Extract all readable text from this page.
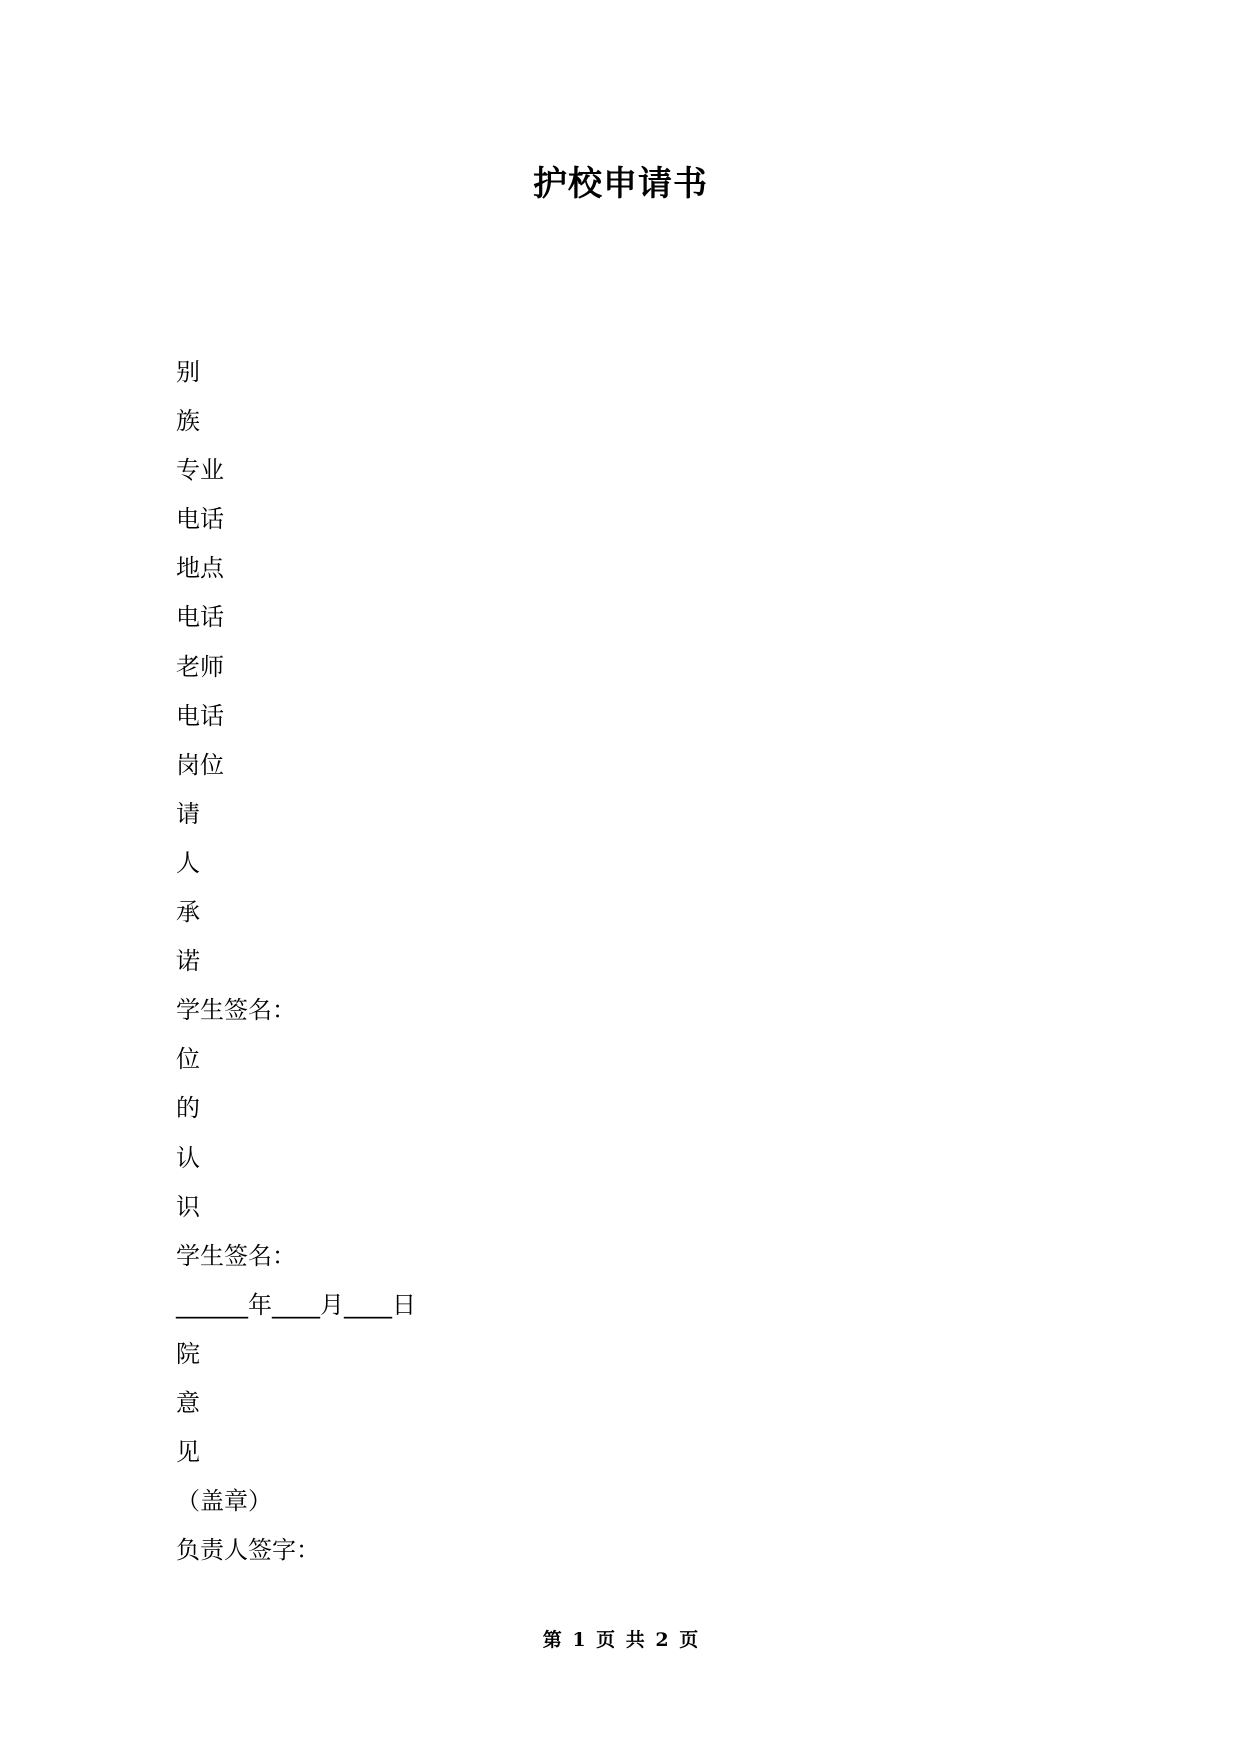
护校申请书
别
族
专业
电话
地点
电话
老师
电话
岗位
请
人
承
诺
学生签名：
位
的
认
识
学生签名：
______年____月____日
院
意
见
（盖章）
负责人签字：
第 1 页 共 2 页
